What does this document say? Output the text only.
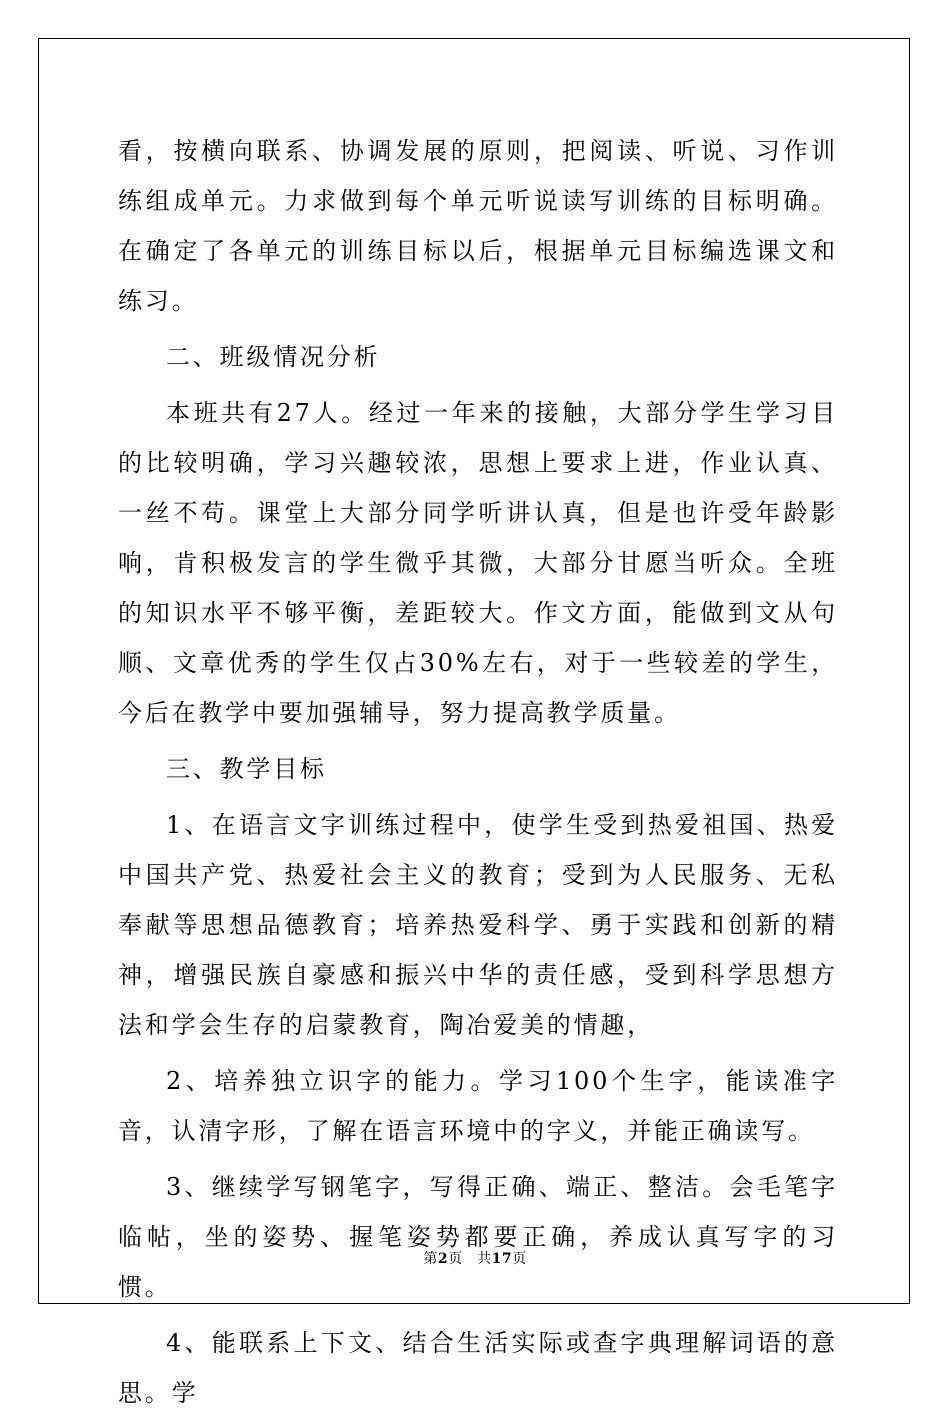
看，按横向联系、协调发展的原则，把阅读、听说、习作训练组成单元。力求做到每个单元听说读写训练的目标明确。在确定了各单元的训练目标以后，根据单元目标编选课文和练习。

二、班级情况分析

本班共有27人。经过一年来的接触，大部分学生学习目的比较明确，学习兴趣较浓，思想上要求上进，作业认真、一丝不苟。课堂上大部分同学听讲认真，但是也许受年龄影响，肯积极发言的学生微乎其微，大部分甘愿当听众。全班的知识水平不够平衡，差距较大。作文方面，能做到文从句顺、文章优秀的学生仅占30%左右，对于一些较差的学生，今后在教学中要加强辅导，努力提高教学质量。

三、教学目标

1、在语言文字训练过程中，使学生受到热爱祖国、热爱中国共产党、热爱社会主义的教育；受到为人民服务、无私奉献等思想品德教育；培养热爱科学、勇于实践和创新的精神，增强民族自豪感和振兴中华的责任感，受到科学思想方法和学会生存的启蒙教育，陶冶爱美的情趣，

2、培养独立识字的能力。学习100个生字，能读准字音，认清字形，了解在语言环境中的字义，并能正确读写。

3、继续学写钢笔字，写得正确、端正、整洁。会毛笔字临帖，坐的姿势、握笔姿势都要正确，养成认真写字的习惯。

4、能联系上下文、结合生活实际或查字典理解词语的意思。学

第2页　共17页
